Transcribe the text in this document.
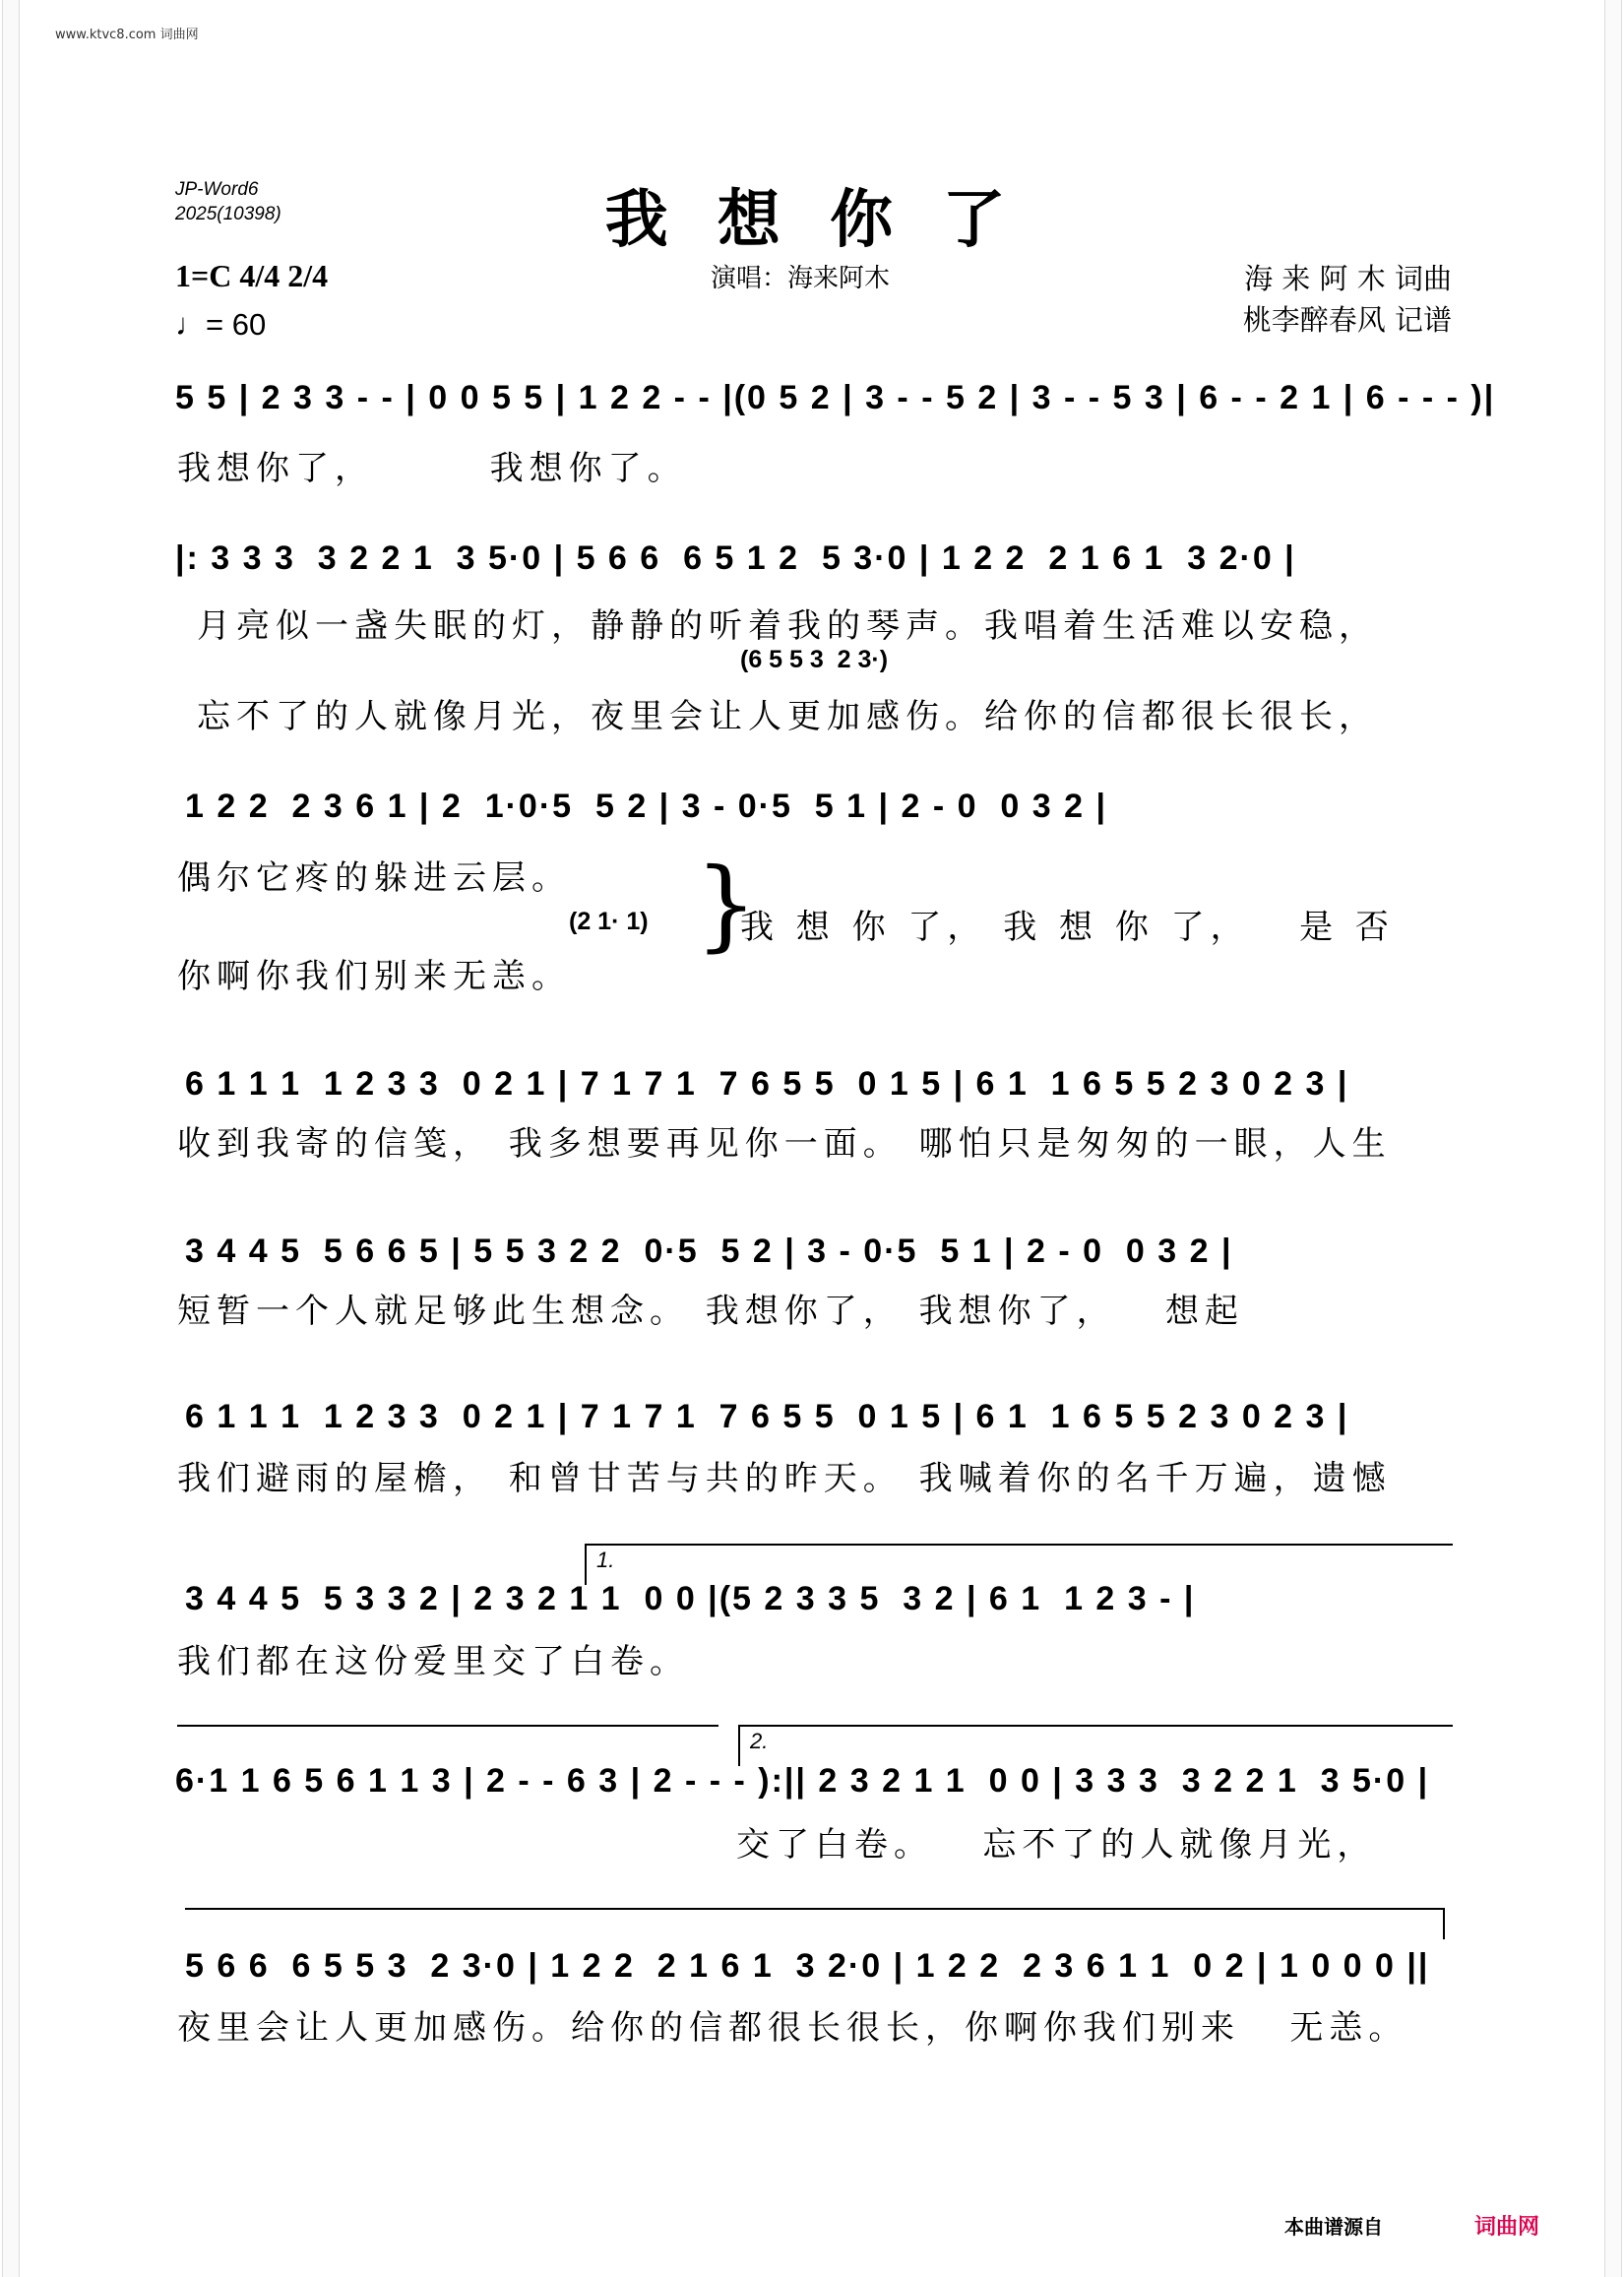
www.ktvc8.com 词曲网
JP-Word6
2025(10398)	我 想 你 了
演唱：海来阿木	海 来 阿 木 词曲
桃李醉春风 记谱
1=C 4/4 2/4
♩= 60
5 5 | 2 3 3 - - | 0 0 5 5 | 1 2 2 - - |(0 5 2 | 3 - - 5 2 | 3 - - 5 3 | 6 - - 2 1 | 6 - - - )|
我想你了，       我想你了。
|: 3 3 3  3 2 2 1  3 5·0 | 5 6 6  6 5 1 2  5 3·0 | 1 2 2  2 1 6 1  3 2·0 |
月亮似一盏失眠的灯，静静的听着我的琴声。我唱着生活难以安稳，
(6 5 5 3  2 3·)
忘不了的人就像月光，夜里会让人更加感伤。给你的信都很长很长，
1 2 2  2 3 6 1 | 2  1·0·5  5 2 | 3 - 0·5  5 1 | 2 - 0  0 3 2 |
偶尔它疼的躲进云层。
(2 1· 1) }
我 想 你 了， 我 想 你 了，   是 否
你啊你我们别来无恙。
6 1 1 1  1 2 3 3  0 2 1 | 7 1 7 1  7 6 5 5  0 1 5 | 6 1  1 6 5 5 2 3 0 2 3 |
收到我寄的信笺， 我多想要再见你一面。 哪怕只是匆匆的一眼，人生
3 4 4 5  5 6 6 5 | 5 5 3 2 2  0·5  5 2 | 3 - 0·5  5 1 | 2 - 0  0 3 2 |
短暂一个人就足够此生想念。 我想你了， 我想你了，   想起
6 1 1 1  1 2 3 3  0 2 1 | 7 1 7 1  7 6 5 5  0 1 5 | 6 1  1 6 5 5 2 3 0 2 3 |
我们避雨的屋檐， 和曾甘苦与共的昨天。 我喊着你的名千万遍，遗憾
1.
3 4 4 5  5 3 3 2 | 2 3 2 1 1  0 0 |(5 2 3 3 5  3 2 | 6 1  1 2 3 - |
我们都在这份爱里交了白卷。
2.
6·1 1 6 5 6 1 1 3 | 2 - - 6 3 | 2 - - - ):|| 2 3 2 1 1  0 0 | 3 3 3  3 2 2 1  3 5·0 |
交了白卷。   忘不了的人就像月光，
5 6 6  6 5 5 3  2 3·0 | 1 2 2  2 1 6 1  3 2·0 | 1 2 2  2 3 6 1 1  0 2 | 1 0 0 0 ||
夜里会让人更加感伤。给你的信都很长很长，你啊你我们别来   无恙。
本曲谱源自	词曲网
